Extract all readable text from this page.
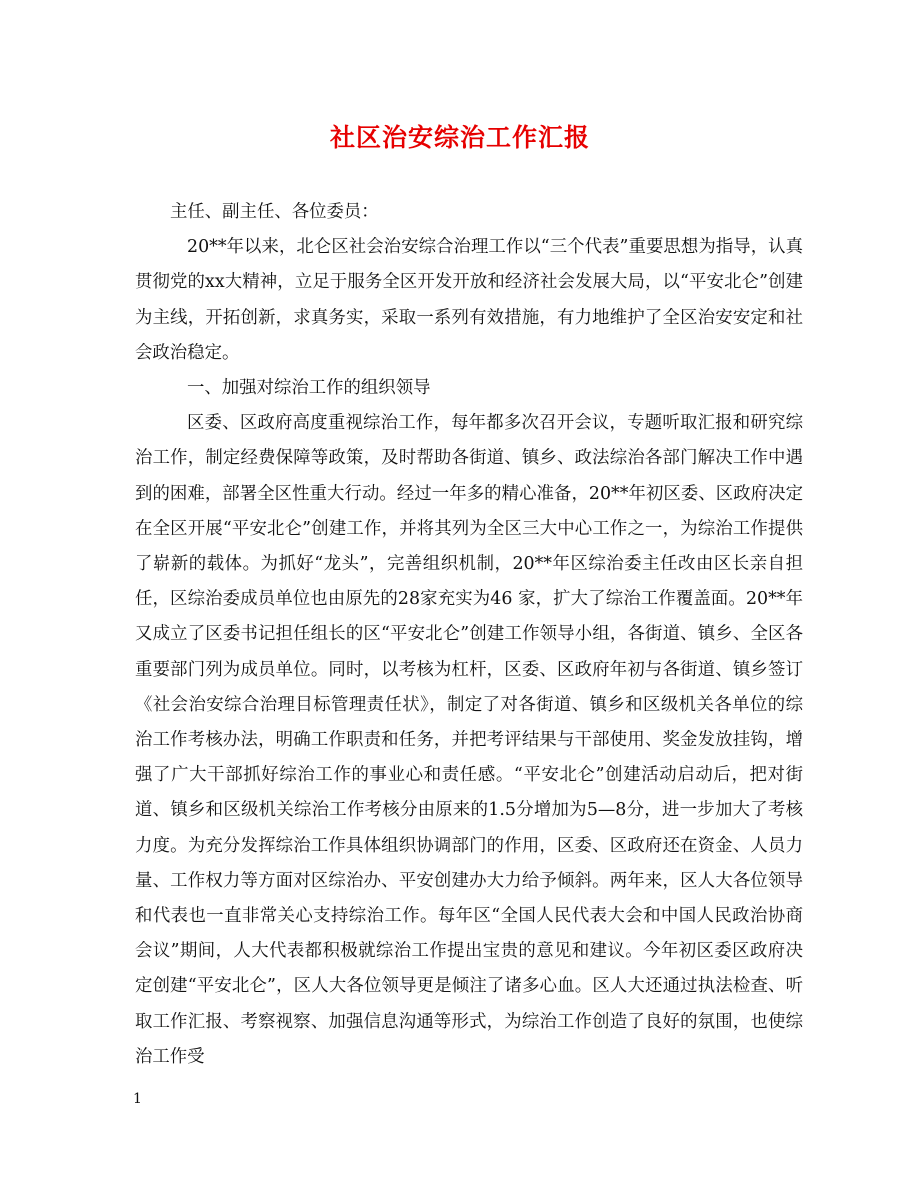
社区治安综治工作汇报

主任、副主任、各位委员：

20**年以来，北仑区社会治安综合治理工作以“三个代表”重要思想为指导，认真贯彻党的xx大精神，立足于服务全区开发开放和经济社会发展大局，以“平安北仑”创建为主线，开拓创新，求真务实，采取一系列有效措施，有力地维护了全区治安安定和社会政治稳定。

一、加强对综治工作的组织领导

区委、区政府高度重视综治工作，每年都多次召开会议，专题听取汇报和研究综治工作，制定经费保障等政策，及时帮助各街道、镇乡、政法综治各部门解决工作中遇到的困难，部署全区性重大行动。经过一年多的精心准备，20**年初区委、区政府决定在全区开展“平安北仑”创建工作，并将其列为全区三大中心工作之一，为综治工作提供了崭新的载体。为抓好“龙头”，完善组织机制，20**年区综治委主任改由区长亲自担任，区综治委成员单位也由原先的28家充实为46 家，扩大了综治工作覆盖面。20**年又成立了区委书记担任组长的区“平安北仑”创建工作领导小组，各街道、镇乡、全区各重要部门列为成员单位。同时，以考核为杠杆，区委、区政府年初与各街道、镇乡签订《社会治安综合治理目标管理责任状》，制定了对各街道、镇乡和区级机关各单位的综治工作考核办法，明确工作职责和任务，并把考评结果与干部使用、奖金发放挂钩，增强了广大干部抓好综治工作的事业心和责任感。“平安北仑”创建活动启动后，把对街道、镇乡和区级机关综治工作考核分由原来的1.5分增加为5—8分，进一步加大了考核力度。为充分发挥综治工作具体组织协调部门的作用，区委、区政府还在资金、人员力量、工作权力等方面对区综治办、平安创建办大力给予倾斜。两年来，区人大各位领导和代表也一直非常关心支持综治工作。每年区“全国人民代表大会和中国人民政治协商会议”期间，人大代表都积极就综治工作提出宝贵的意见和建议。今年初区委区政府决定创建“平安北仑”，区人大各位领导更是倾注了诸多心血。区人大还通过执法检查、听取工作汇报、考察视察、加强信息沟通等形式，为综治工作创造了良好的氛围，也使综治工作受

1
